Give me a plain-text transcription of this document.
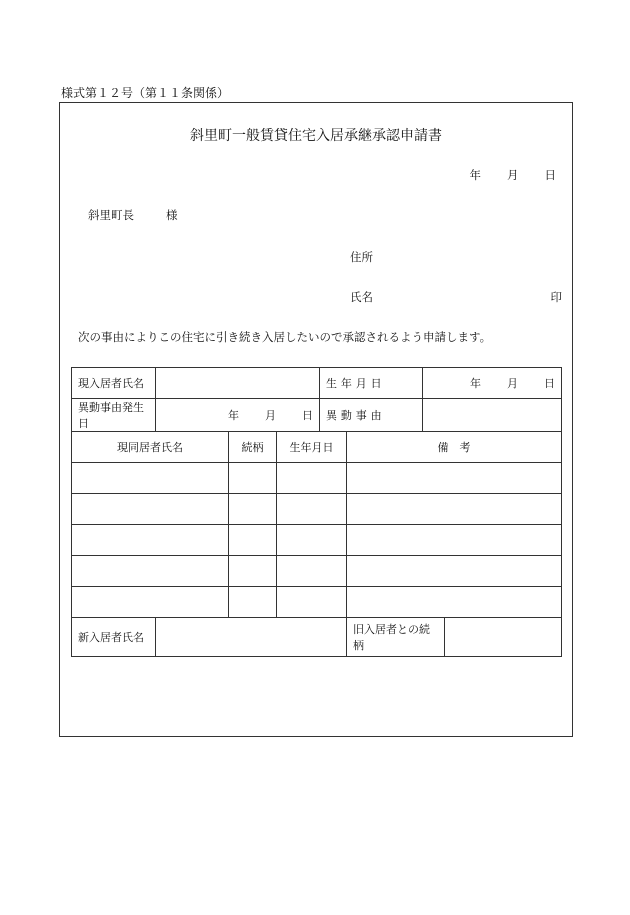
様式第１２号（第１１条関係）
斜里町一般賃貸住宅入居承継承認申請書
年 月 日
斜里町長	様
住所
氏名	印
次の事由によりこの住宅に引き続き入居したいので承認されるよう申請します。
現入居者氏名				生年月日		年 月 日	
異動事由発生日	年 月 日			異動事由			
現同居者氏名		続柄	生年月日		備　考		

新入居者氏名					旧入居者との続柄		
